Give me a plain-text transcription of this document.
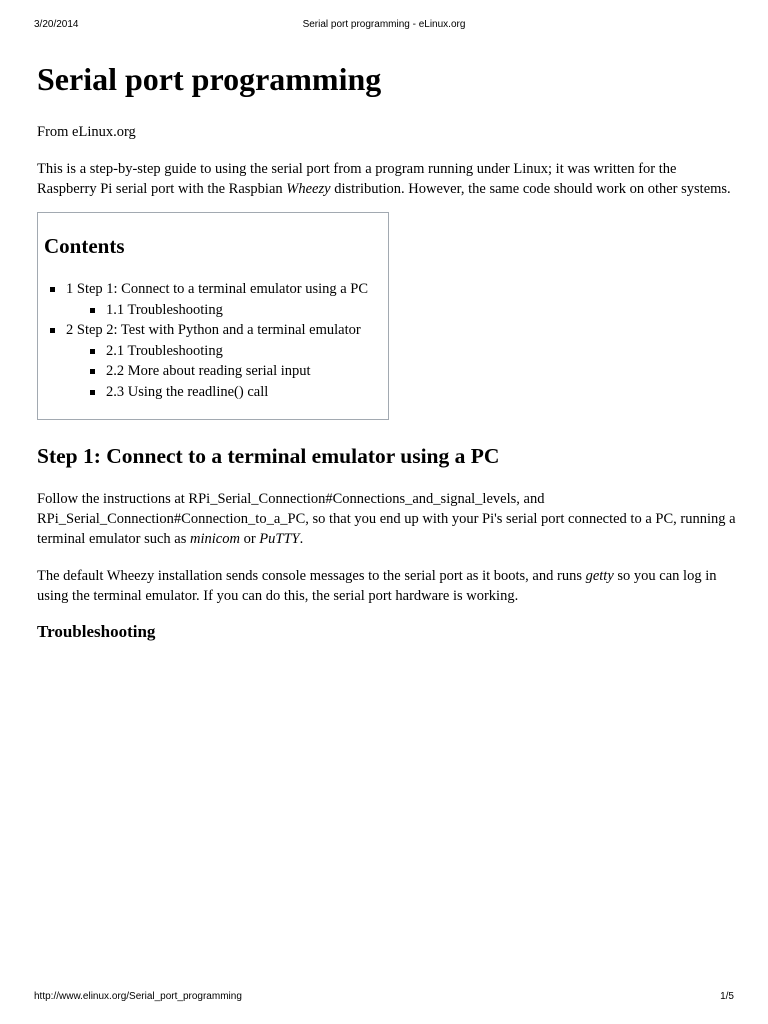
3/20/2014	Serial port programming - eLinux.org
Serial port programming
From eLinux.org

This is a step-by-step guide to using the serial port from a program running under Linux; it was written for the Raspberry Pi serial port with the Raspbian Wheezy distribution. However, the same code should work on other systems.

Contents
1 Step 1: Connect to a terminal emulator using a PC
1.1 Troubleshooting
2 Step 2: Test with Python and a terminal emulator
2.1 Troubleshooting
2.2 More about reading serial input
2.3 Using the readline() call
Step 1: Connect to a terminal emulator using a PC

Follow the instructions at RPi_Serial_Connection#Connections_and_signal_levels, and RPi_Serial_Connection#Connection_to_a_PC, so that you end up with your Pi's serial port connected to a PC, running a terminal emulator such as minicom or PuTTY.

The default Wheezy installation sends console messages to the serial port as it boots, and runs getty so you can log in using the terminal emulator. If you can do this, the serial port hardware is working.

Troubleshooting
http://www.elinux.org/Serial_port_programming	1/5
